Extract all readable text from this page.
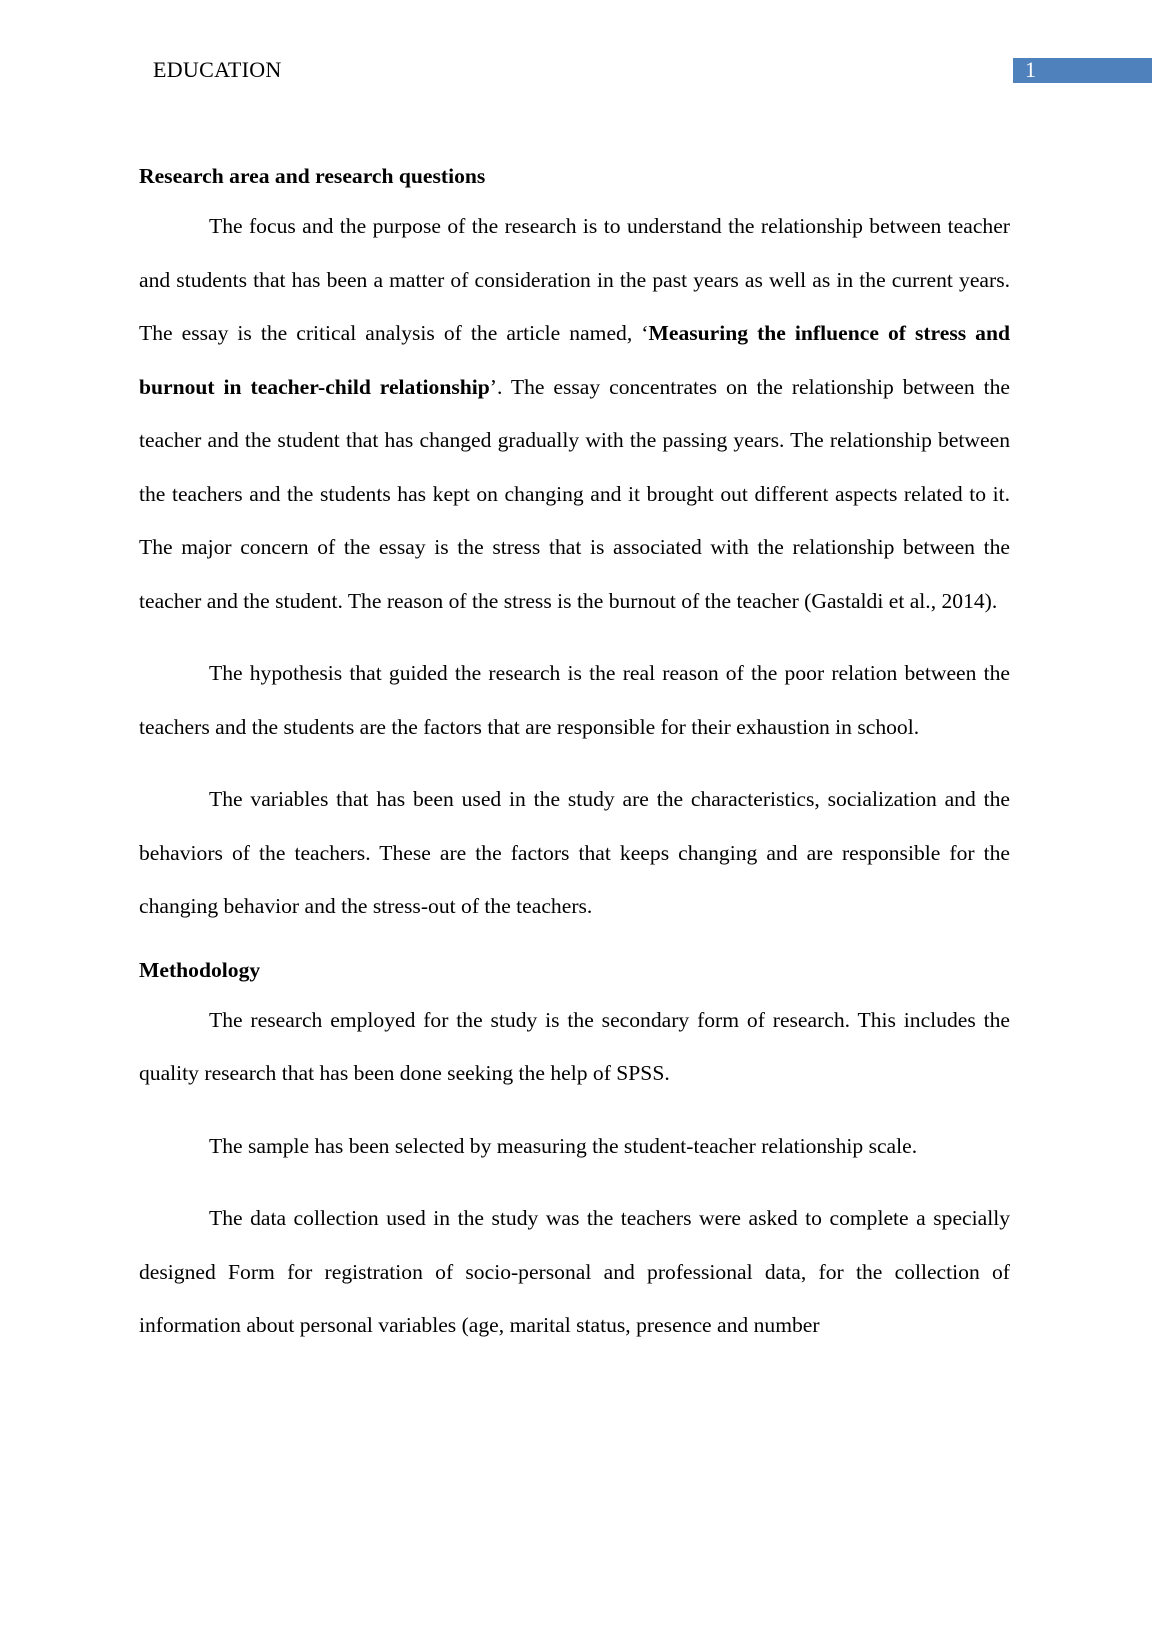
EDUCATION	1
Research area and research questions

The focus and the purpose of the research is to understand the relationship between teacher and students that has been a matter of consideration in the past years as well as in the current years. The essay is the critical analysis of the article named, ‘Measuring the influence of stress and burnout in teacher-child relationship’. The essay concentrates on the relationship between the teacher and the student that has changed gradually with the passing years. The relationship between the teachers and the students has kept on changing and it brought out different aspects related to it. The major concern of the essay is the stress that is associated with the relationship between the teacher and the student. The reason of the stress is the burnout of the teacher (Gastaldi et al., 2014).

The hypothesis that guided the research is the real reason of the poor relation between the teachers and the students are the factors that are responsible for their exhaustion in school.

The variables that has been used in the study are the characteristics, socialization and the behaviors of the teachers. These are the factors that keeps changing and are responsible for the changing behavior and the stress-out of the teachers.

Methodology

The research employed for the study is the secondary form of research. This includes the quality research that has been done seeking the help of SPSS.

The sample has been selected by measuring the student-teacher relationship scale.

The data collection used in the study was the teachers were asked to complete a specially designed Form for registration of socio-personal and professional data, for the collection of information about personal variables (age, marital status, presence and number
